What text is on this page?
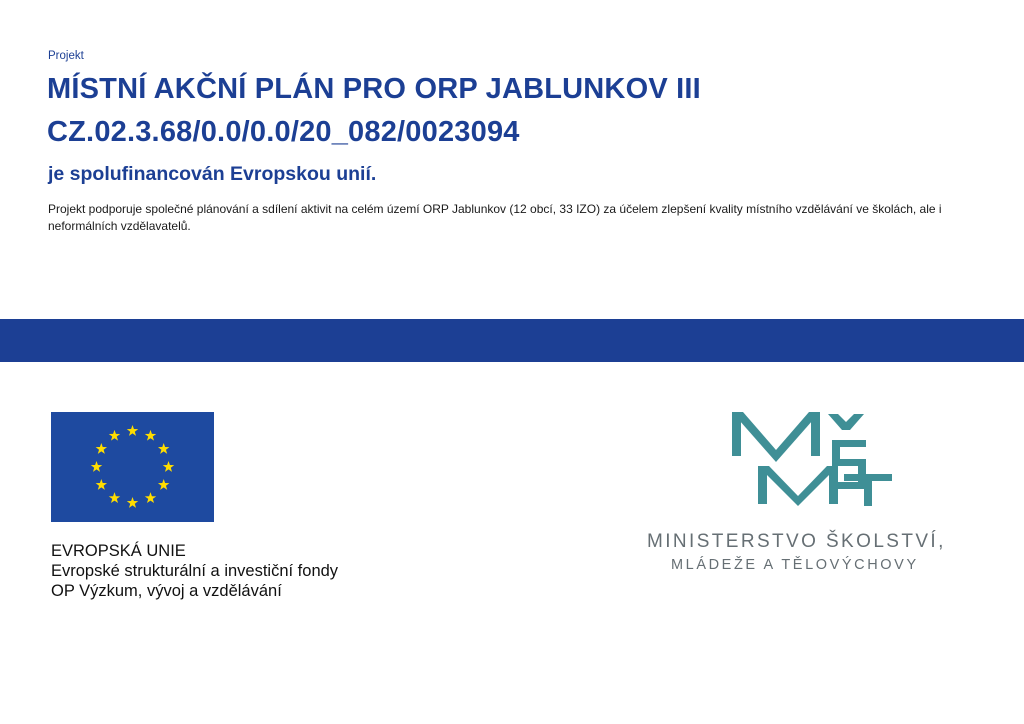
Projekt
MÍSTNÍ AKČNÍ PLÁN PRO ORP JABLUNKOV III
CZ.02.3.68/0.0/0.0/20_082/0023094
je spolufinancován Evropskou unií.
Projekt podporuje společné plánování a sdílení aktivit na celém území ORP Jablunkov (12 obcí, 33 IZO) za účelem zlepšení kvality místního vzdělávání ve školách, ale i neformálních vzdělavatelů.
EVROPSKÁ UNIE
Evropské strukturální a investiční fondy
OP Výzkum, vývoj a vzdělávání
MINISTERSTVO ŠKOLSTVÍ,
MLÁDEŽE A TĚLOVÝCHOVY
